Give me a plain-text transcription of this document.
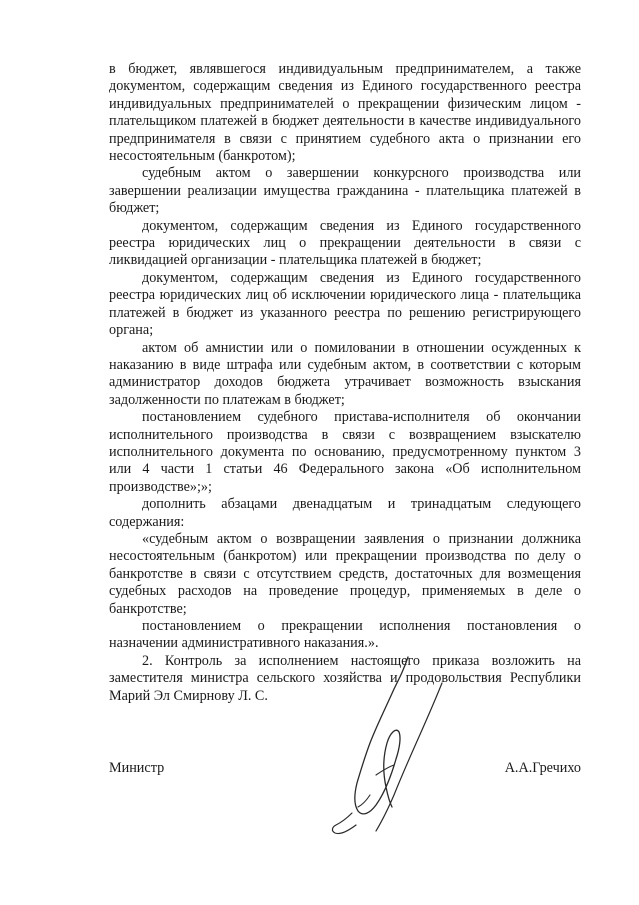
в бюджет, являвшегося индивидуальным предпринимателем, а также документом, содержащим сведения из Единого государственного реестра индивидуальных предпринимателей о прекращении физическим лицом - плательщиком платежей в бюджет деятельности в качестве индивидуального предпринимателя в связи с принятием судебного акта о признании его несостоятельным (банкротом);

судебным актом о завершении конкурсного производства или завершении реализации имущества гражданина - плательщика платежей в бюджет;

документом, содержащим сведения из Единого государственного реестра юридических лиц о прекращении деятельности в связи с ликвидацией организации - плательщика платежей в бюджет;

документом, содержащим сведения из Единого государственного реестра юридических лиц об исключении юридического лица - плательщика платежей в бюджет из указанного реестра по решению регистрирующего органа;

актом об амнистии или о помиловании в отношении осужденных к наказанию в виде штрафа или судебным актом, в соответствии с которым администратор доходов бюджета утрачивает возможность взыскания задолженности по платежам в бюджет;

постановлением судебного пристава-исполнителя об окончании исполнительного производства в связи с возвращением взыскателю исполнительного документа по основанию, предусмотренному пунктом 3 или 4 части 1 статьи 46 Федерального закона «Об исполнительном производстве»;»;

дополнить абзацами двенадцатым и тринадцатым следующего содержания:

«судебным актом о возвращении заявления о признании должника несостоятельным (банкротом) или прекращении производства по делу о банкротстве в связи с отсутствием средств, достаточных для возмещения судебных расходов на проведение процедур, применяемых в деле о банкротстве;

постановлением о прекращении исполнения постановления о назначении административного наказания.».

2. Контроль за исполнением настоящего приказа возложить на заместителя министра сельского хозяйства и продовольствия Республики Марий Эл Смирнову Л. С.

Министр	А.А.Гречихо
